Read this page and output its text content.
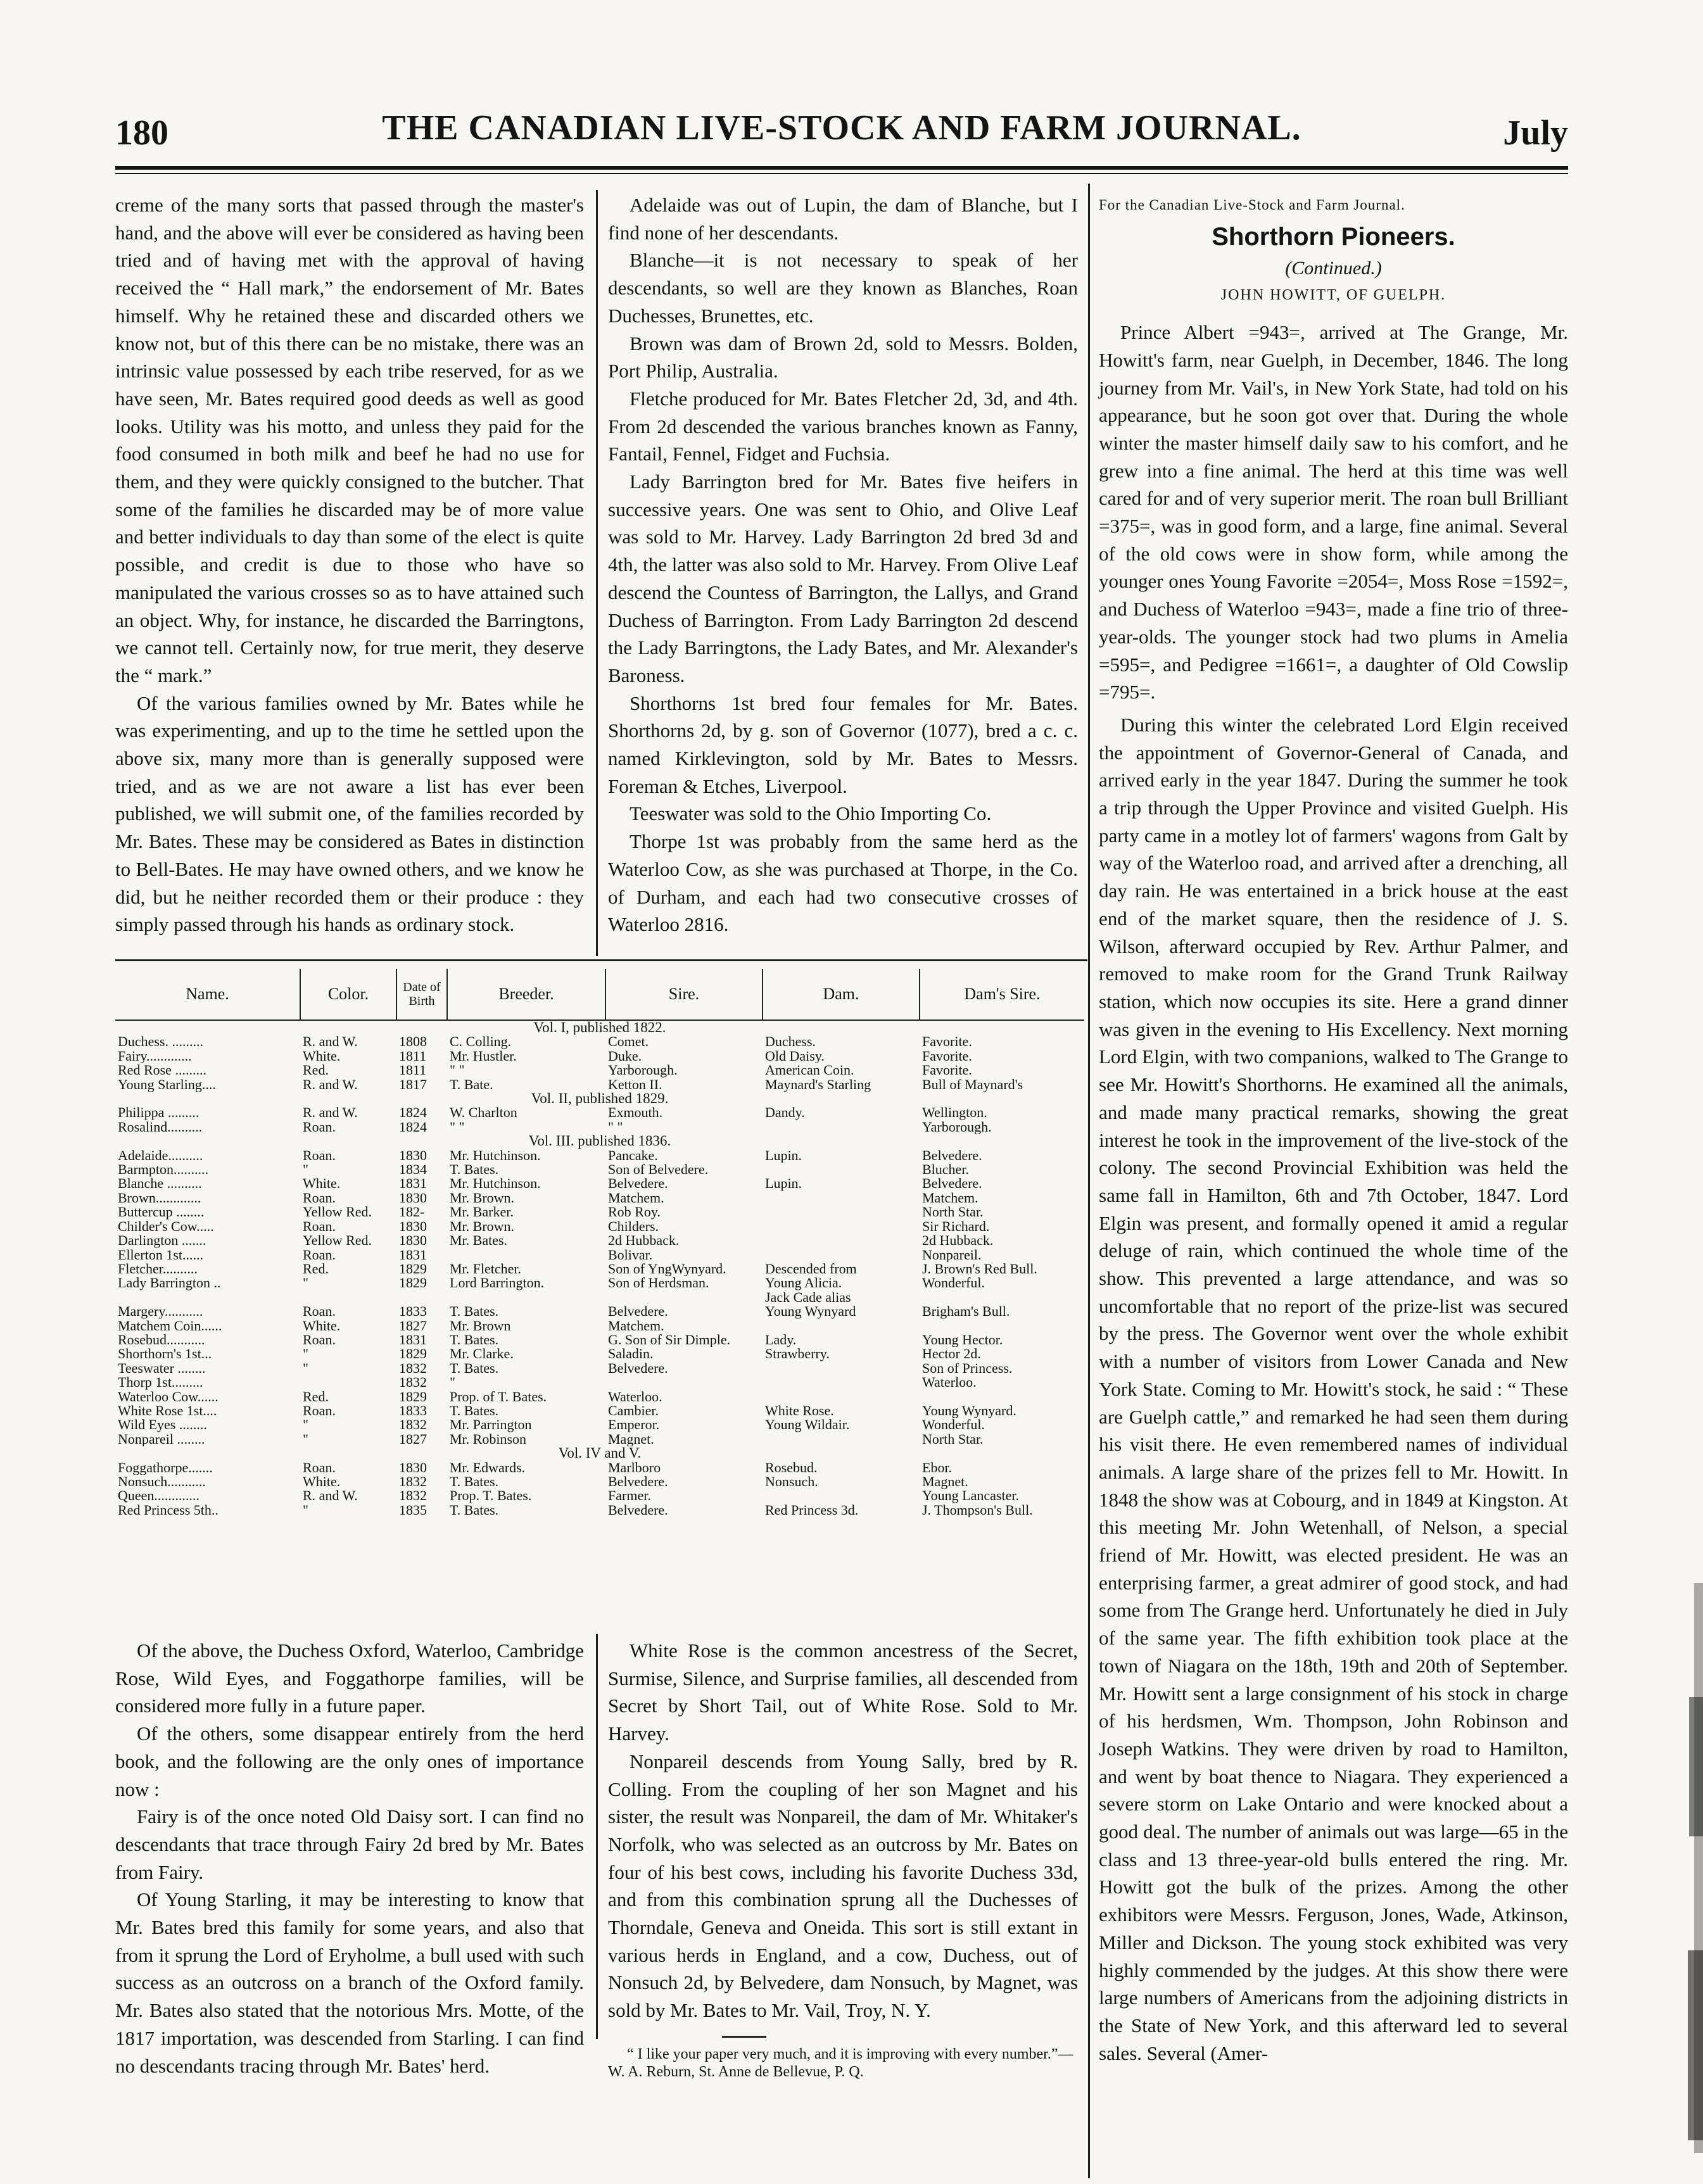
180	THE CANADIAN LIVE-STOCK AND FARM JOURNAL.	July

creme of the many sorts that passed through the master's hand, and the above will ever be considered as having been tried and of having met with the approval of having received the “ Hall mark,” the endorsement of Mr. Bates himself. Why he retained these and discarded others we know not, but of this there can be no mistake, there was an intrinsic value possessed by each tribe reserved, for as we have seen, Mr. Bates required good deeds as well as good looks. Utility was his motto, and unless they paid for the food consumed in both milk and beef he had no use for them, and they were quickly consigned to the butcher. That some of the families he discarded may be of more value and better individuals to day than some of the elect is quite possible, and credit is due to those who have so manipulated the various crosses so as to have attained such an object. Why, for instance, he discarded the Barringtons, we cannot tell. Certainly now, for true merit, they deserve the “ mark.”

Of the various families owned by Mr. Bates while he was experimenting, and up to the time he settled upon the above six, many more than is generally supposed were tried, and as we are not aware a list has ever been published, we will submit one, of the families recorded by Mr. Bates. These may be considered as Bates in distinction to Bell-Bates. He may have owned others, and we know he did, but he neither recorded them or their produce : they simply passed through his hands as ordinary stock.

Adelaide was out of Lupin, the dam of Blanche, but I find none of her descendants.

Blanche—it is not necessary to speak of her descendants, so well are they known as Blanches, Roan Duchesses, Brunettes, etc.

Brown was dam of Brown 2d, sold to Messrs. Bolden, Port Philip, Australia.

Fletche produced for Mr. Bates Fletcher 2d, 3d, and 4th. From 2d descended the various branches known as Fanny, Fantail, Fennel, Fidget and Fuchsia.

Lady Barrington bred for Mr. Bates five heifers in successive years. One was sent to Ohio, and Olive Leaf was sold to Mr. Harvey. Lady Barrington 2d bred 3d and 4th, the latter was also sold to Mr. Harvey. From Olive Leaf descend the Countess of Barrington, the Lallys, and Grand Duchess of Barrington. From Lady Barrington 2d descend the Lady Barringtons, the Lady Bates, and Mr. Alexander's Baroness.

Shorthorns 1st bred four females for Mr. Bates. Shorthorns 2d, by g. son of Governor (1077), bred a c. c. named Kirklevington, sold by Mr. Bates to Messrs. Foreman & Etches, Liverpool.

Teeswater was sold to the Ohio Importing Co.

Thorpe 1st was probably from the same herd as the Waterloo Cow, as she was purchased at Thorpe, in the Co. of Durham, and each had two consecutive crosses of Waterloo 2816.

Name.	Color.	Date of Birth	Breeder.	Sire.	Dam.	Dam's Sire.
Vol. I, published 1822.						
Duchess. .........	R. and W.	1808	C. Colling.	Comet.	Duchess.	Favorite.
Fairy.............	White.	1811	Mr. Hustler.	Duke.	Old Daisy.	Favorite.
Red Rose .........	Red.	1811	" "	Yarborough.	American Coin.	Favorite.
Young Starling....	R. and W.	1817	T. Bate.	Ketton II.	Maynard's Starling	Bull of Maynard's
Vol. II, published 1829.						
Philippa .........	R. and W.	1824	W. Charlton	Exmouth.	Dandy.	Wellington.
Rosalind..........	Roan.	1824	" "	" "		Yarborough.
Vol. III. published 1836.						
Adelaide..........	Roan.	1830	Mr. Hutchinson.	Pancake.	Lupin.	Belvedere.
Barmpton..........	"	1834	T. Bates.	Son of Belvedere.		Blucher.
Blanche ..........	White.	1831	Mr. Hutchinson.	Belvedere.	Lupin.	Belvedere.
Brown.............	Roan.	1830	Mr. Brown.	Matchem.		Matchem.
Buttercup ........	Yellow Red.	182-	Mr. Barker.	Rob Roy.		North Star.
Childer's Cow.....	Roan.	1830	Mr. Brown.	Childers.		Sir Richard.
Darlington .......	Yellow Red.	1830	Mr. Bates.	2d Hubback.		2d Hubback.
Ellerton 1st......	Roan.	1831		Bolivar.		Nonpareil.
Fletcher..........	Red.	1829	Mr. Fletcher.	Son of YngWynyard.	Descended from	J. Brown's Red Bull.
Lady Barrington ..	"	1829	Lord Barrington.	Son of Herdsman.	Young Alicia.	Wonderful.
					Jack Cade alias	
Margery...........	Roan.	1833	T. Bates.	Belvedere.	Young Wynyard	Brigham's Bull.
Matchem Coin......	White.	1827	Mr. Brown	Matchem.		
Rosebud...........	Roan.	1831	T. Bates.	G. Son of Sir Dimple.	Lady.	Young Hector.
Shorthorn's 1st...	"	1829	Mr. Clarke.	Saladin.	Strawberry.	Hector 2d.
Teeswater ........	"	1832	T. Bates.	Belvedere.		Son of Princess.
Thorp 1st.........		1832	"			Waterloo.
Waterloo Cow......	Red.	1829	Prop. of T. Bates.	Waterloo.		
White Rose 1st....	Roan.	1833	T. Bates.	Cambier.	White Rose.	Young Wynyard.
Wild Eyes ........	"	1832	Mr. Parrington	Emperor.	Young Wildair.	Wonderful.
Nonpareil ........	"	1827	Mr. Robinson	Magnet.		North Star.
Vol. IV and V.						
Foggathorpe.......	Roan.	1830	Mr. Edwards.	Marlboro	Rosebud.	Ebor.
Nonsuch...........	White.	1832	T. Bates.	Belvedere.	Nonsuch.	Magnet.
Queen.............	R. and W.	1832	Prop. T. Bates.	Farmer.		Young Lancaster.
Red Princess 5th..	"	1835	T. Bates.	Belvedere.	Red Princess 3d.	J. Thompson's Bull.

Of the above, the Duchess Oxford, Waterloo, Cambridge Rose, Wild Eyes, and Foggathorpe families, will be considered more fully in a future paper.

Of the others, some disappear entirely from the herd book, and the following are the only ones of importance now :

Fairy is of the once noted Old Daisy sort. I can find no descendants that trace through Fairy 2d bred by Mr. Bates from Fairy.

Of Young Starling, it may be interesting to know that Mr. Bates bred this family for some years, and also that from it sprung the Lord of Eryholme, a bull used with such success as an outcross on a branch of the Oxford family. Mr. Bates also stated that the notorious Mrs. Motte, of the 1817 importation, was descended from Starling. I can find no descendants tracing through Mr. Bates' herd.

White Rose is the common ancestress of the Secret, Surmise, Silence, and Surprise families, all descended from Secret by Short Tail, out of White Rose. Sold to Mr. Harvey.

Nonpareil descends from Young Sally, bred by R. Colling. From the coupling of her son Magnet and his sister, the result was Nonpareil, the dam of Mr. Whitaker's Norfolk, who was selected as an outcross by Mr. Bates on four of his best cows, including his favorite Duchess 33d, and from this combination sprung all the Duchesses of Thorndale, Geneva and Oneida. This sort is still extant in various herds in England, and a cow, Duchess, out of Nonsuch 2d, by Belvedere, dam Nonsuch, by Magnet, was sold by Mr. Bates to Mr. Vail, Troy, N. Y.

“ I like your paper very much, and it is improving with every number.”—W. A. Reburn, St. Anne de Bellevue, P. Q.
For the Canadian Live-Stock and Farm Journal.
Shorthorn Pioneers.
(Continued.)
JOHN HOWITT, OF GUELPH.

Prince Albert =943=, arrived at The Grange, Mr. Howitt's farm, near Guelph, in December, 1846. The long journey from Mr. Vail's, in New York State, had told on his appearance, but he soon got over that. During the whole winter the master himself daily saw to his comfort, and he grew into a fine animal. The herd at this time was well cared for and of very superior merit. The roan bull Brilliant =375=, was in good form, and a large, fine animal. Several of the old cows were in show form, while among the younger ones Young Favorite =2054=, Moss Rose =1592=, and Duchess of Waterloo =943=, made a fine trio of three-year-olds. The younger stock had two plums in Amelia =595=, and Pedigree =1661=, a daughter of Old Cowslip =795=.

During this winter the celebrated Lord Elgin received the appointment of Governor-General of Canada, and arrived early in the year 1847. During the summer he took a trip through the Upper Province and visited Guelph. His party came in a motley lot of farmers' wagons from Galt by way of the Waterloo road, and arrived after a drenching, all day rain. He was entertained in a brick house at the east end of the market square, then the residence of J. S. Wilson, afterward occupied by Rev. Arthur Palmer, and removed to make room for the Grand Trunk Railway station, which now occupies its site. Here a grand dinner was given in the evening to His Excellency. Next morning Lord Elgin, with two companions, walked to The Grange to see Mr. Howitt's Shorthorns. He examined all the animals, and made many practical remarks, showing the great interest he took in the improvement of the live-stock of the colony. The second Provincial Exhibition was held the same fall in Hamilton, 6th and 7th October, 1847. Lord Elgin was present, and formally opened it amid a regular deluge of rain, which continued the whole time of the show. This prevented a large attendance, and was so uncomfortable that no report of the prize-list was secured by the press. The Governor went over the whole exhibit with a number of visitors from Lower Canada and New York State. Coming to Mr. Howitt's stock, he said : “ These are Guelph cattle,” and remarked he had seen them during his visit there. He even remembered names of individual animals. A large share of the prizes fell to Mr. Howitt. In 1848 the show was at Cobourg, and in 1849 at Kingston. At this meeting Mr. John Wetenhall, of Nelson, a special friend of Mr. Howitt, was elected president. He was an enterprising farmer, a great admirer of good stock, and had some from The Grange herd. Unfortunately he died in July of the same year. The fifth exhibition took place at the town of Niagara on the 18th, 19th and 20th of September. Mr. Howitt sent a large consignment of his stock in charge of his herdsmen, Wm. Thompson, John Robinson and Joseph Watkins. They were driven by road to Hamilton, and went by boat thence to Niagara. They experienced a severe storm on Lake Ontario and were knocked about a good deal. The number of animals out was large—65 in the class and 13 three-year-old bulls entered the ring. Mr. Howitt got the bulk of the prizes. Among the other exhibitors were Messrs. Ferguson, Jones, Wade, Atkinson, Miller and Dickson. The young stock exhibited was very highly commended by the judges. At this show there were large numbers of Americans from the adjoining districts in the State of New York, and this afterward led to several sales. Several (Amer-
